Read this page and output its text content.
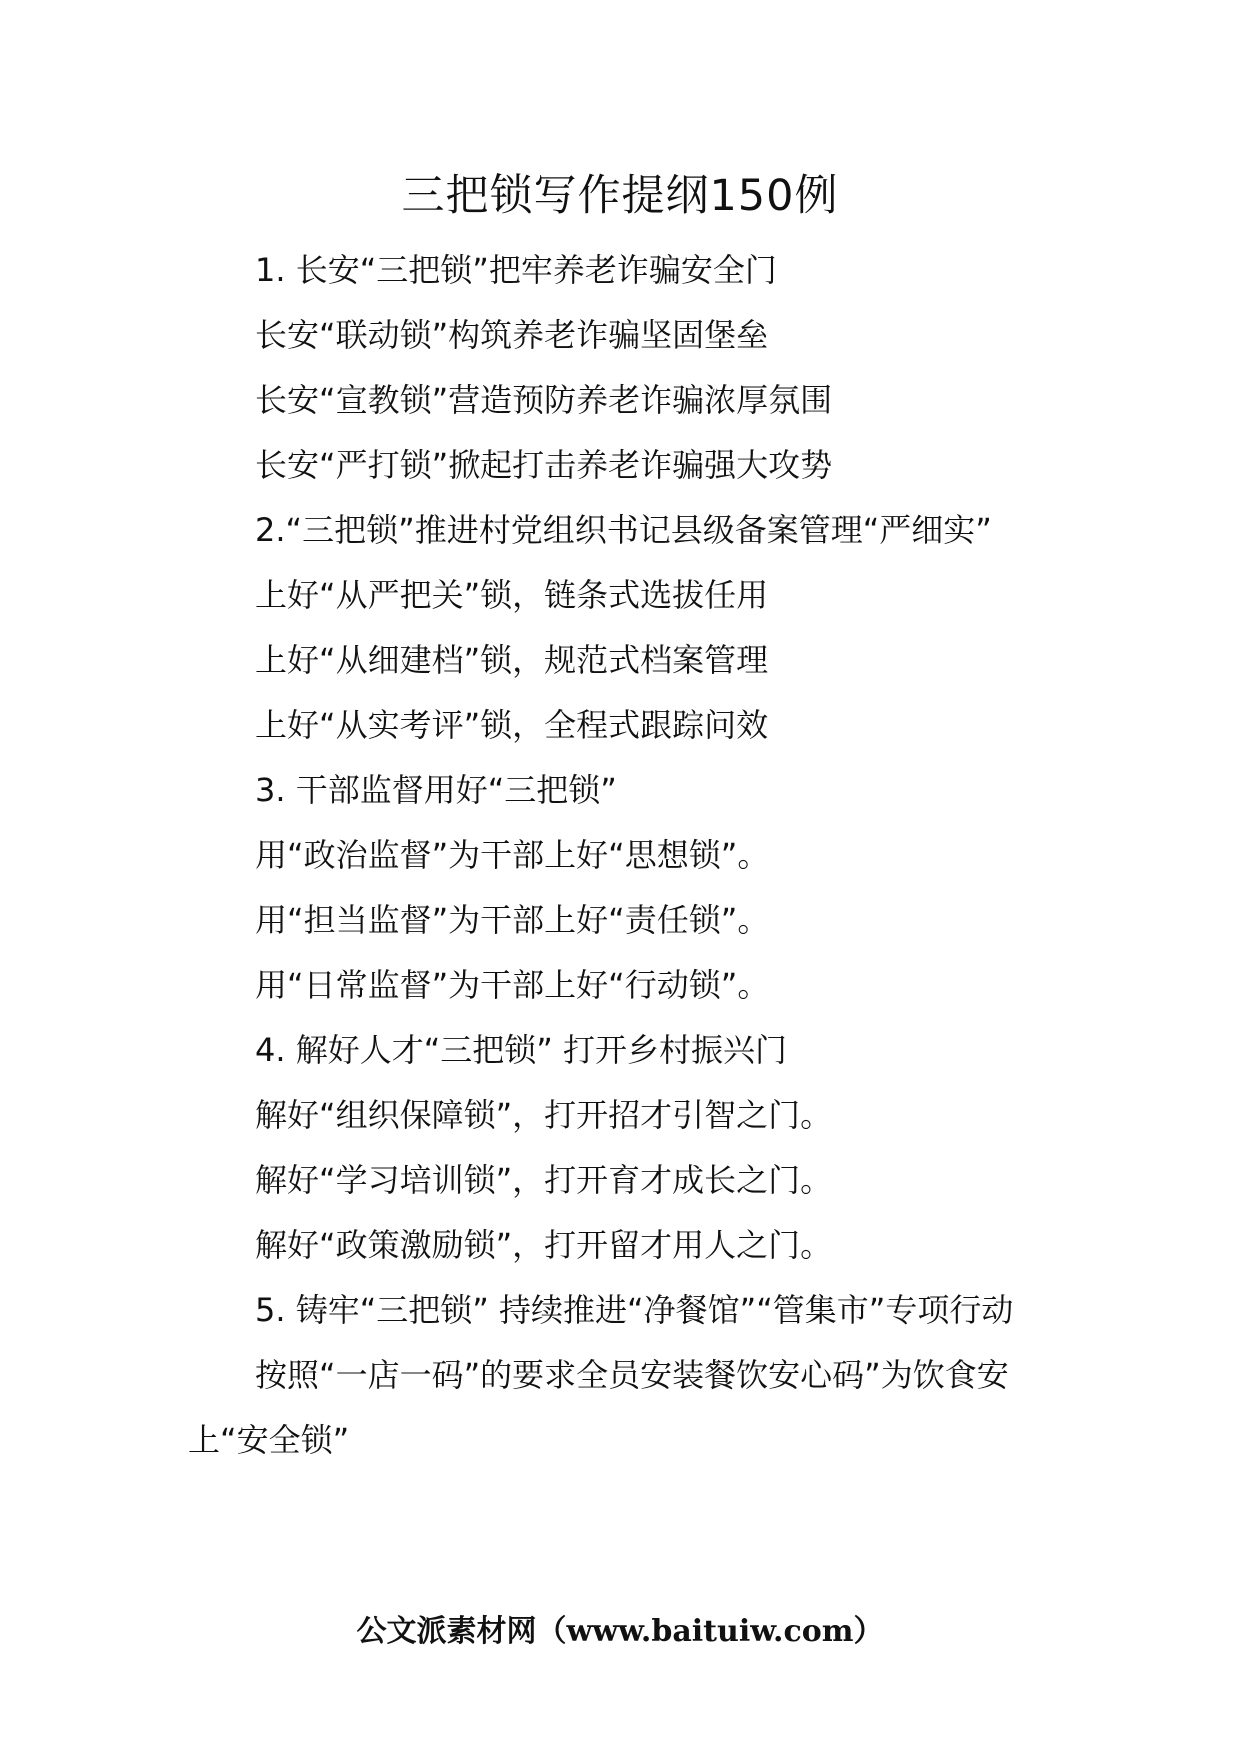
三把锁写作提纲150例

1. 长安“三把锁”把牢养老诈骗安全门

长安“联动锁”构筑养老诈骗坚固堡垒

长安“宣教锁”营造预防养老诈骗浓厚氛围

长安“严打锁”掀起打击养老诈骗强大攻势

2.“三把锁”推进村党组织书记县级备案管理“严细实”

上好“从严把关”锁，链条式选拔任用

上好“从细建档”锁，规范式档案管理

上好“从实考评”锁，全程式跟踪问效

3. 干部监督用好“三把锁”

用“政治监督”为干部上好“思想锁”。

用“担当监督”为干部上好“责任锁”。

用“日常监督”为干部上好“行动锁”。

4. 解好人才“三把锁” 打开乡村振兴门

解好“组织保障锁”，打开招才引智之门。

解好“学习培训锁”，打开育才成长之门。

解好“政策激励锁”，打开留才用人之门。

5. 铸牢“三把锁” 持续推进“净餐馆”“管集市”专项行动

按照“一店一码”的要求全员安装餐饮安心码”为饮食安上“安全锁”

公文派素材网（www.baituiw.com）
